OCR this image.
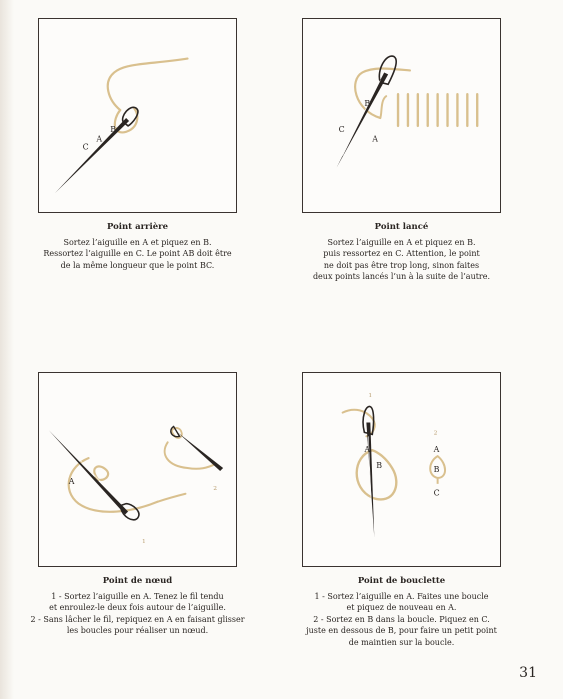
A
B
C
Point arrière
Sortez l’aiguille en A et piquez en B.
Ressortez l’aiguille en C. Le point AB doit être
de la même longueur que le point BC.
A
B
C
Point lancé
Sortez l’aiguille en A et piquez en B.
puis ressortez en C. Attention, le point
ne doit pas être trop long, sinon faites
deux points lancés l’un à la suite de l’autre.
A
1
2
Point de nœud
1 - Sortez l’aiguille en A. Tenez le fil tendu
et enroulez-le deux fois autour de l’aiguille.
2 - Sans lâcher le fil, repiquez en A en faisant glisser
les boucles pour réaliser un nœud.
1
2
A
B
A
B
C
Point de bouclette
1 - Sortez l’aiguille en A. Faites une boucle
et piquez de nouveau en A.
2 - Sortez en B dans la boucle. Piquez en C.
juste en dessous de B, pour faire un petit point
de maintien sur la boucle.
31
